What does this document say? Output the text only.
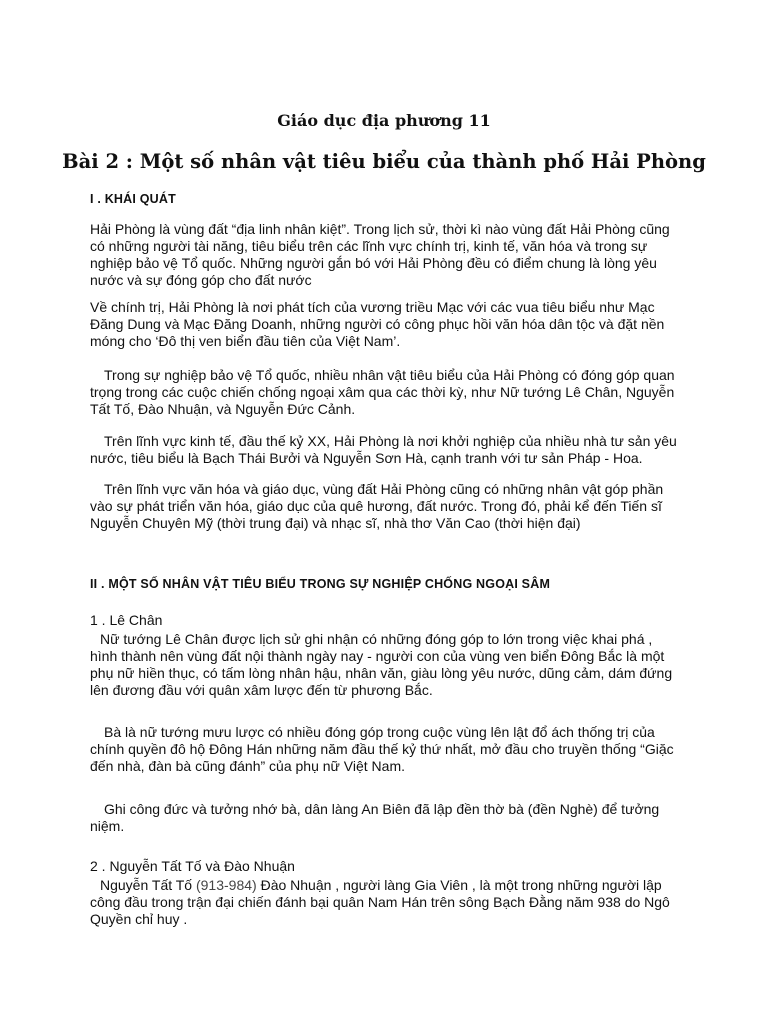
Giáo dục địa phương 11
Bài 2 : Một số nhân vật tiêu biểu của thành phố Hải Phòng
I . KHÁI QUÁT

Hải Phòng là vùng đất “địa linh nhân kiệt”. Trong lịch sử, thời kì nào vùng đất Hải Phòng cũng có những người tài năng, tiêu biểu trên các lĩnh vực chính trị, kinh tế, văn hóa và trong sự nghiệp bảo vệ Tổ quốc. Những người gắn bó với Hải Phòng đều có điểm chung là lòng yêu nước và sự đóng góp cho đất nước

Về chính trị, Hải Phòng là nơi phát tích của vương triều Mạc với các vua tiêu biểu như Mạc Đăng Dung và Mạc Đăng Doanh, những người có công phục hồi văn hóa dân tộc và đặt nền móng cho ‘Đô thị ven biển đầu tiên của Việt Nam’.

Trong sự nghiệp bảo vệ Tổ quốc, nhiều nhân vật tiêu biểu của Hải Phòng có đóng góp quan trọng trong các cuộc chiến chống ngoại xâm qua các thời kỳ, như Nữ tướng Lê Chân, Nguyễn Tất Tố, Đào Nhuận, và Nguyễn Đức Cảnh.

Trên lĩnh vực kinh tế, đầu thế kỷ XX, Hải Phòng là nơi khởi nghiệp của nhiều nhà tư sản yêu nước, tiêu biểu là Bạch Thái Bưởi và Nguyễn Sơn Hà, cạnh tranh với tư sản Pháp - Hoa.

Trên lĩnh vực văn hóa và giáo dục, vùng đất Hải Phòng cũng có những nhân vật góp phần vào sự phát triển văn hóa, giáo dục của quê hương, đất nước. Trong đó, phải kể đến Tiến sĩ Nguyễn Chuyên Mỹ (thời trung đại) và nhạc sĩ, nhà thơ Văn Cao (thời hiện đại)

II . MỘT SỐ NHÂN VẬT TIÊU BIỂU TRONG SỰ NGHIỆP CHỐNG NGOẠI SÂM

1 . Lê Chân

Nữ tướng Lê Chân được lịch sử ghi nhận có những đóng góp to lớn trong việc khai phá , hình thành nên vùng đất nội thành ngày nay - người con của vùng ven biển Đông Bắc là một phụ nữ hiền thục, có tấm lòng nhân hậu, nhân văn, giàu lòng yêu nước, dũng cảm, dám đứng lên đương đầu với quân xâm lược đến từ phương Bắc.

Bà là nữ tướng mưu lược có nhiều đóng góp trong cuộc vùng lên lật đổ ách thống trị của chính quyền đô hộ Đông Hán những năm đầu thế kỷ thứ nhất, mở đầu cho truyền thống “Giặc đến nhà, đàn bà cũng đánh” của phụ nữ Việt Nam.

Ghi công đức và tưởng nhớ bà, dân làng An Biên đã lập đền thờ bà (đền Nghè) để tưởng niệm.

2 . Nguyễn Tất Tố và Đào Nhuận

Nguyễn Tất Tố (913-984) Đào Nhuận , người làng Gia Viên , là một trong những người lập công đầu trong trận đại chiến đánh bại quân Nam Hán trên sông Bạch Đằng năm 938 do Ngô Quyền chỉ huy .
